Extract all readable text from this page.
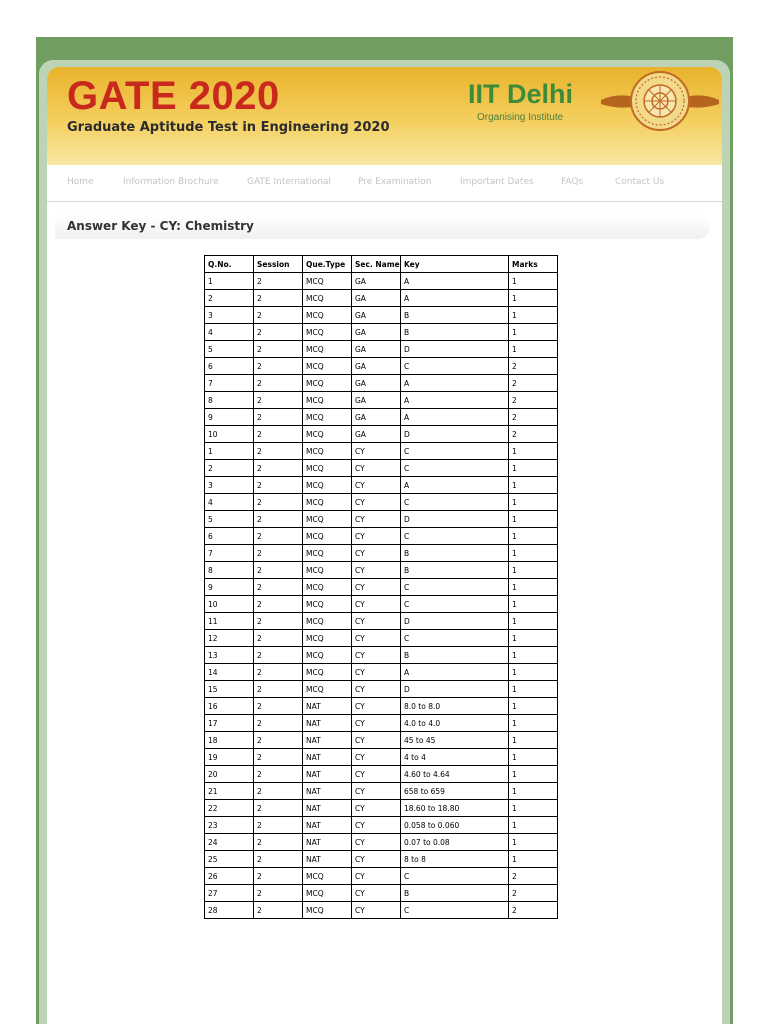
GATE 2020
Graduate Aptitude Test in Engineering 2020
IIT Delhi
Organising Institute
Home	Information Brochure	GATE International	Pre Examination	Important Dates	FAQs	Contact Us
Answer Key - CY: Chemistry
Q.No.	Session	Que.Type	Sec. Name	Key	Marks
1	2	MCQ	GA	A	1
2	2	MCQ	GA	A	1
3	2	MCQ	GA	B	1
4	2	MCQ	GA	B	1
5	2	MCQ	GA	D	1
6	2	MCQ	GA	C	2
7	2	MCQ	GA	A	2
8	2	MCQ	GA	A	2
9	2	MCQ	GA	A	2
10	2	MCQ	GA	D	2
1	2	MCQ	CY	C	1
2	2	MCQ	CY	C	1
3	2	MCQ	CY	A	1
4	2	MCQ	CY	C	1
5	2	MCQ	CY	D	1
6	2	MCQ	CY	C	1
7	2	MCQ	CY	B	1
8	2	MCQ	CY	B	1
9	2	MCQ	CY	C	1
10	2	MCQ	CY	C	1
11	2	MCQ	CY	D	1
12	2	MCQ	CY	C	1
13	2	MCQ	CY	B	1
14	2	MCQ	CY	A	1
15	2	MCQ	CY	D	1
16	2	NAT	CY	8.0 to 8.0	1
17	2	NAT	CY	4.0 to 4.0	1
18	2	NAT	CY	45 to 45	1
19	2	NAT	CY	4 to 4	1
20	2	NAT	CY	4.60 to 4.64	1
21	2	NAT	CY	658 to 659	1
22	2	NAT	CY	18.60 to 18.80	1
23	2	NAT	CY	0.058 to 0.060	1
24	2	NAT	CY	0.07 to 0.08	1
25	2	NAT	CY	8 to 8	1
26	2	MCQ	CY	C	2
27	2	MCQ	CY	B	2
28	2	MCQ	CY	C	2
